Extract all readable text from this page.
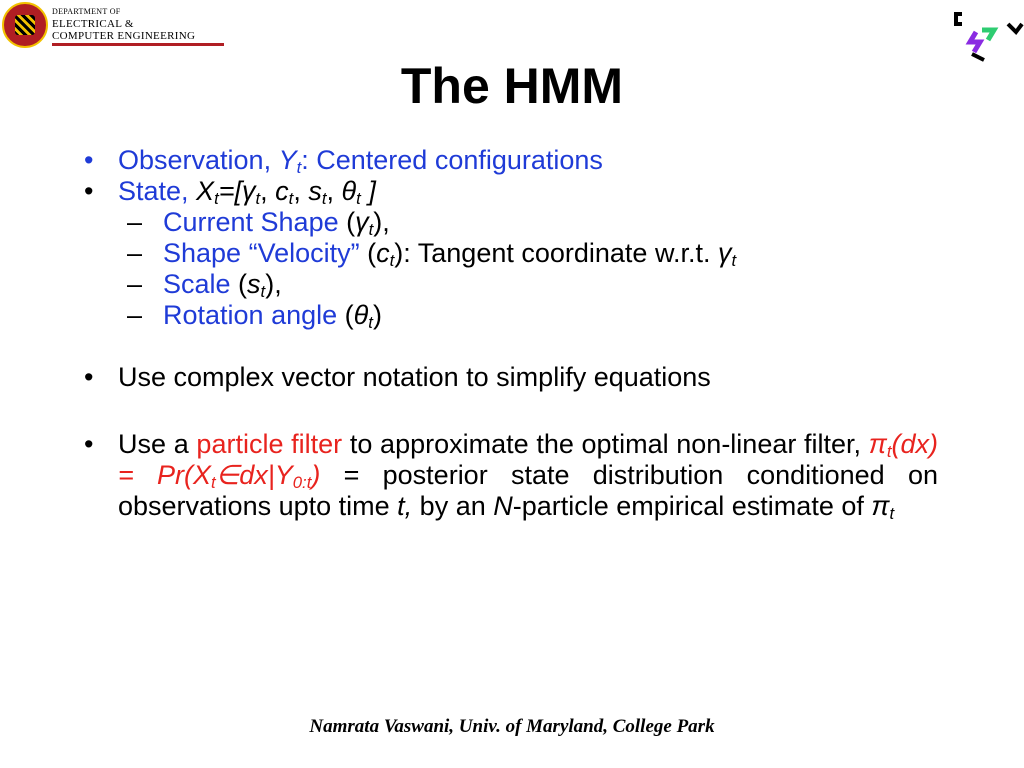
DEPARTMENT OF
ELECTRICAL &
COMPUTER ENGINEERING
The HMM

• Observation, $Y_t$: Centered configurations

• State, $X_t=[\gamma_t$, $c_t$, $s_t$, $\theta_t$ ]

– Current Shape $(\gamma_t)$,

– Shape “Velocity” $(c_t)$: Tangent coordinate w.r.t. $\gamma_t$

– Scale $(s_t)$,

– Rotation angle $(\theta_t)$

• Use complex vector notation to simplify equations

• Use a particle filter to approximate the optimal non-linear filter, $\pi_t(dx)$ = $Pr(X_t\in dx|Y_{0:t})$ = posterior state distribution conditioned on observations upto time t, by an N-particle empirical estimate of $\pi_t$

Namrata Vaswani, Univ. of Maryland, College Park
